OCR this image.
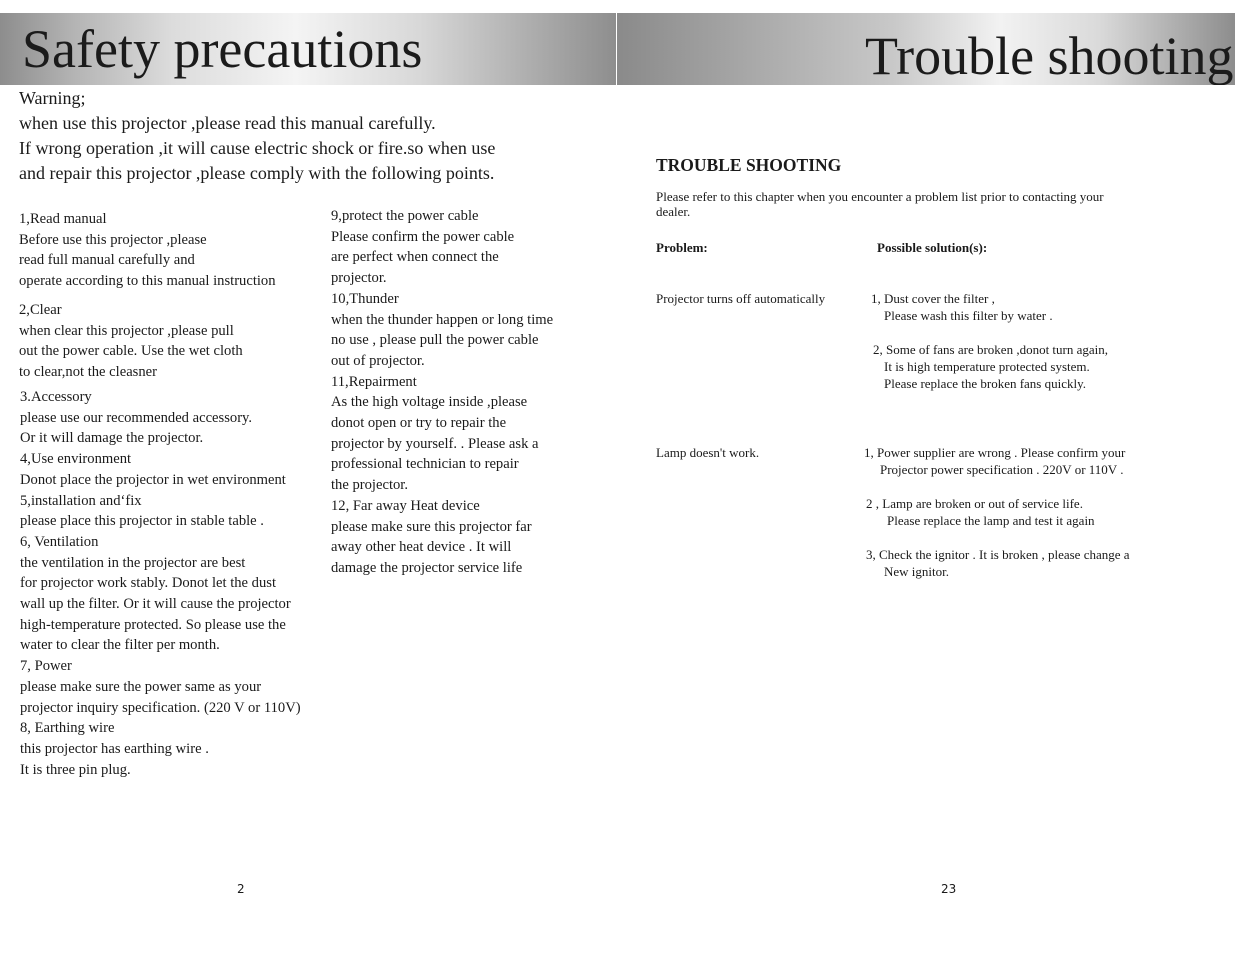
Safety precautions	Trouble shooting
Warning;
when use this projector ,please read this manual carefully.
If wrong operation ,it will cause electric shock or fire.so when use
and repair this projector ,please comply with the following points.
1,Read manual
Before use this projector ,please
read full manual carefully and
operate according to this manual instruction
2,Clear
when clear this projector ,please pull
out the power cable. Use the wet cloth
to clear,not the cleasner
3.Accessory
please use our recommended accessory.
Or it will damage the projector.
4,Use environment
Donot place the projector in wet environment
5,installation and‘fix
please place this projector in stable table .
6, Ventilation
the ventilation in the projector are best
for projector work stably. Donot let the dust
wall up the filter. Or it will cause the projector
high-temperature protected. So please use the
water to clear the filter per month.
7, Power
please make sure the power same as your
projector inquiry specification. (220 V or 110V)
8, Earthing wire
this projector has earthing wire .
It is three pin plug.
9,protect the power cable
Please confirm the power cable
are perfect when connect the
projector.
10,Thunder
when the thunder happen or long time
no use , please pull the power cable
out of projector.
11,Repairment
As the high voltage inside ,please
donot open or try to repair the
projector by yourself. . Please ask a
professional technician to repair
the projector.
12, Far away Heat device
please make sure this projector far
away other heat device . It will
damage the projector service life
2
TROUBLE SHOOTING
Please refer to this chapter when you encounter a problem list prior to contacting your
dealer.
Problem:	Possible solution(s):
Projector turns off automatically	1, Dust cover the filter ,
Please wash this filter by water .
2, Some of fans are broken ,donot turn again,
It is high temperature protected system.
Please replace the broken fans quickly.
Lamp doesn't work.	1, Power supplier are wrong . Please confirm your
Projector power specification . 220V or 110V .
2 , Lamp are broken or out of service life.
Please replace the lamp and test it again
3, Check the ignitor . It is broken , please change a
New ignitor.
23
